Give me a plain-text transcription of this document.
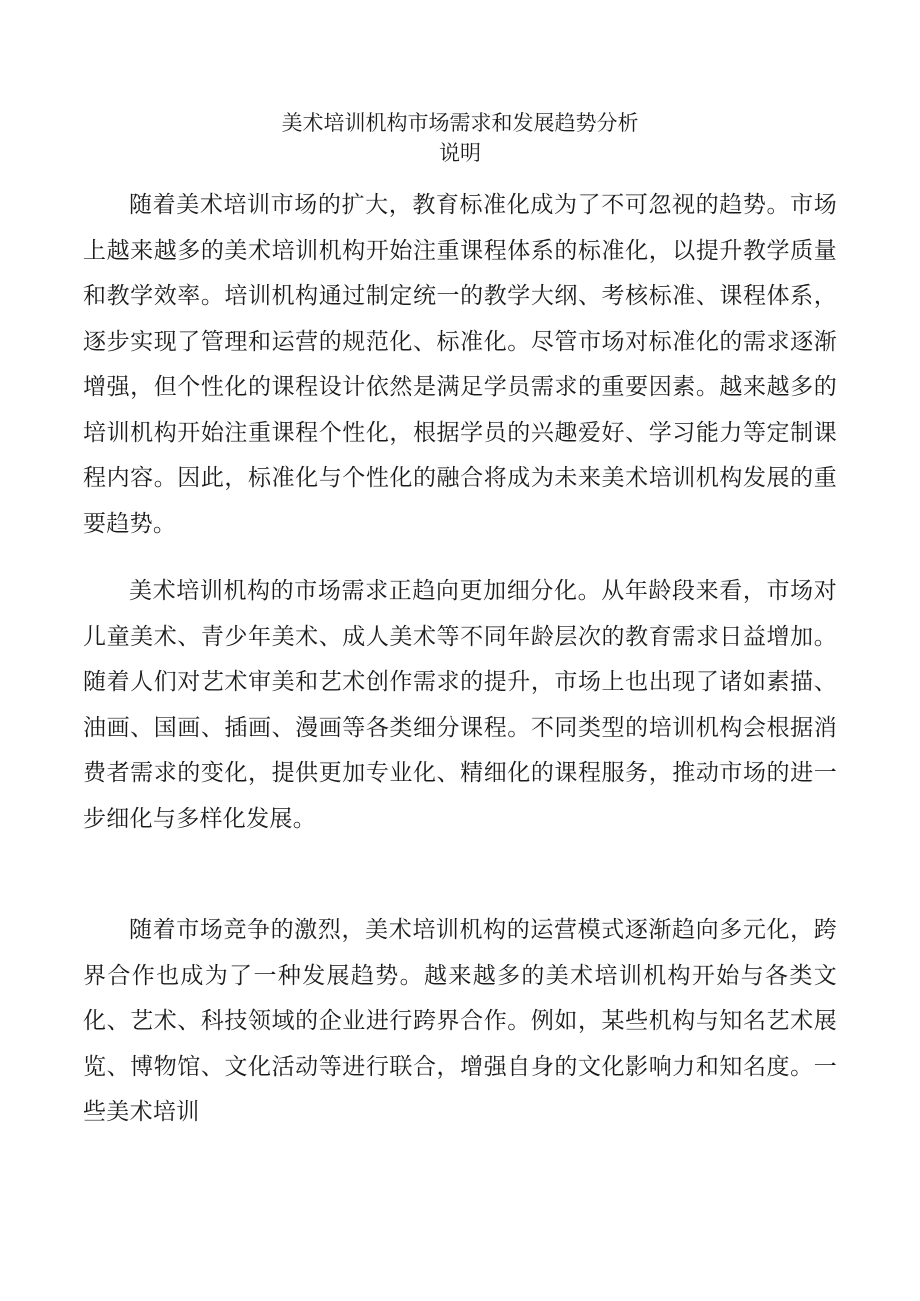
美术培训机构市场需求和发展趋势分析
说明

随着美术培训市场的扩大，教育标准化成为了不可忽视的趋势。市场上越来越多的美术培训机构开始注重课程体系的标准化，以提升教学质量和教学效率。培训机构通过制定统一的教学大纲、考核标准、课程体系，逐步实现了管理和运营的规范化、标准化。尽管市场对标准化的需求逐渐增强，但个性化的课程设计依然是满足学员需求的重要因素。越来越多的培训机构开始注重课程个性化，根据学员的兴趣爱好、学习能力等定制课程内容。因此，标准化与个性化的融合将成为未来美术培训机构发展的重要趋势。

美术培训机构的市场需求正趋向更加细分化。从年龄段来看，市场对儿童美术、青少年美术、成人美术等不同年龄层次的教育需求日益增加。随着人们对艺术审美和艺术创作需求的提升，市场上也出现了诸如素描、油画、国画、插画、漫画等各类细分课程。不同类型的培训机构会根据消费者需求的变化，提供更加专业化、精细化的课程服务，推动市场的进一步细化与多样化发展。

随着市场竞争的激烈，美术培训机构的运营模式逐渐趋向多元化，跨界合作也成为了一种发展趋势。越来越多的美术培训机构开始与各类文化、艺术、科技领域的企业进行跨界合作。例如，某些机构与知名艺术展览、博物馆、文化活动等进行联合，增强自身的文化影响力和知名度。一些美术培训
